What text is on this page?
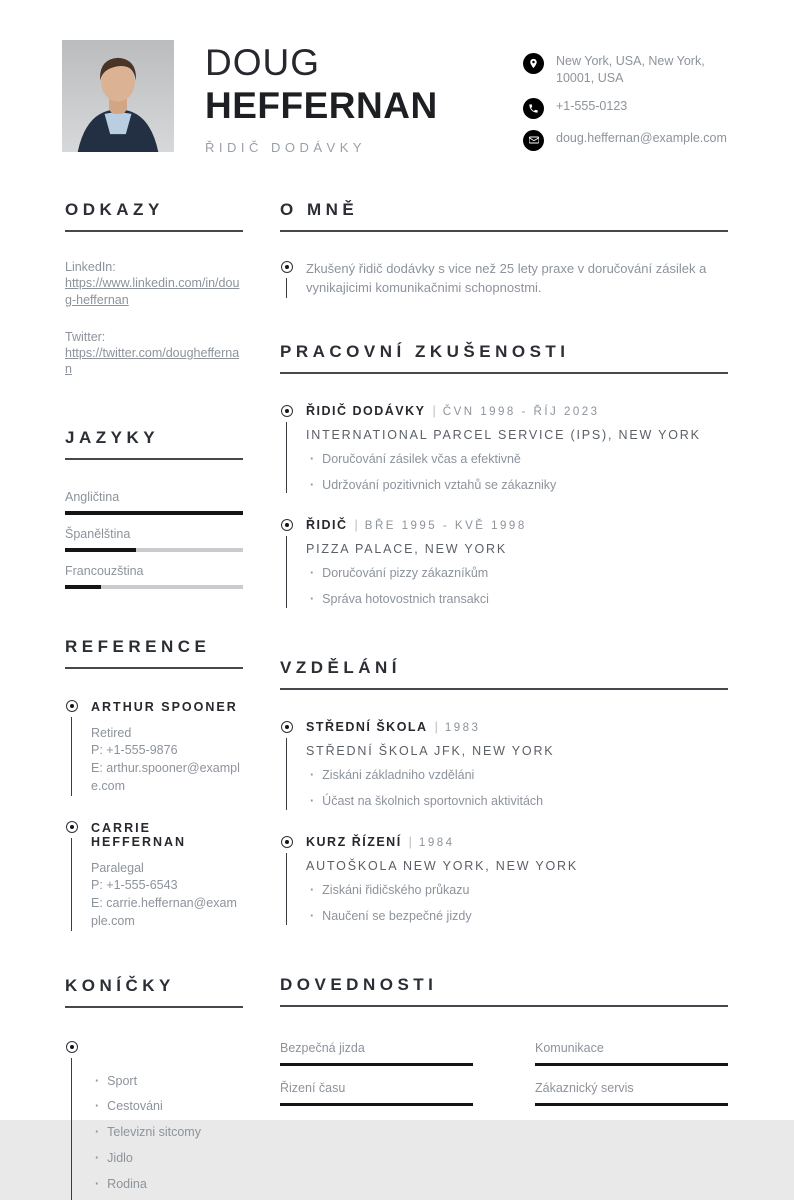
DOUG
HEFFERNAN
ŘIDIČ DODÁVKY
New York, USA, New York, 10001, USA
+1-555-0123
doug.heffernan@example.com
ODKAZY
LinkedIn:
https://www.linkedin.com/in/doug-heffernan
Twitter:
https://twitter.com/dougheffernan
JAZYKY
Angličtina
Španělština
Francouzština
REFERENCE
ARTHUR SPOONER
Retired
P: +1-555-9876
E: arthur.spooner@example.com
CARRIE HEFFERNAN
Paralegal
P: +1-555-6543
E: carrie.heffernan@example.com
KONÍČKY
· Sport
· Cestováni
· Televizni sitcomy
· Jidlo
· Rodina
O MNĚ
Zkušený řidič dodávky s vice než 25 lety praxe v doručování zásilek a vynikajicimi komunikačnimi schopnostmi.
PRACOVNÍ ZKUŠENOSTI
ŘIDIČ DODÁVKY | ČVN 1998 - ŘÍJ 2023
INTERNATIONAL PARCEL SERVICE (IPS), NEW YORK
· Doručování zásilek včas a efektivně
· Udržování pozitivnich vztahů se zákazniky
ŘIDIČ | BŘE 1995 - KVĚ 1998
PIZZA PALACE, NEW YORK
· Doručování pizzy zákazníkům
· Správa hotovostnich transakci
VZDĚLÁNÍ
STŘEDNÍ ŠKOLA | 1983
STŘEDNÍ ŠKOLA JFK, NEW YORK
· Ziskáni základniho vzděláni
· Účast na školnich sportovnich aktivitách
KURZ ŘÍZENÍ | 1984
AUTOŠKOLA NEW YORK, NEW YORK
· Ziskáni řidičského průkazu
· Naučení se bezpečné jizdy
DOVEDNOSTI
Bezpečná jizda
Řizení času
Komunikace
Zákaznický servis
